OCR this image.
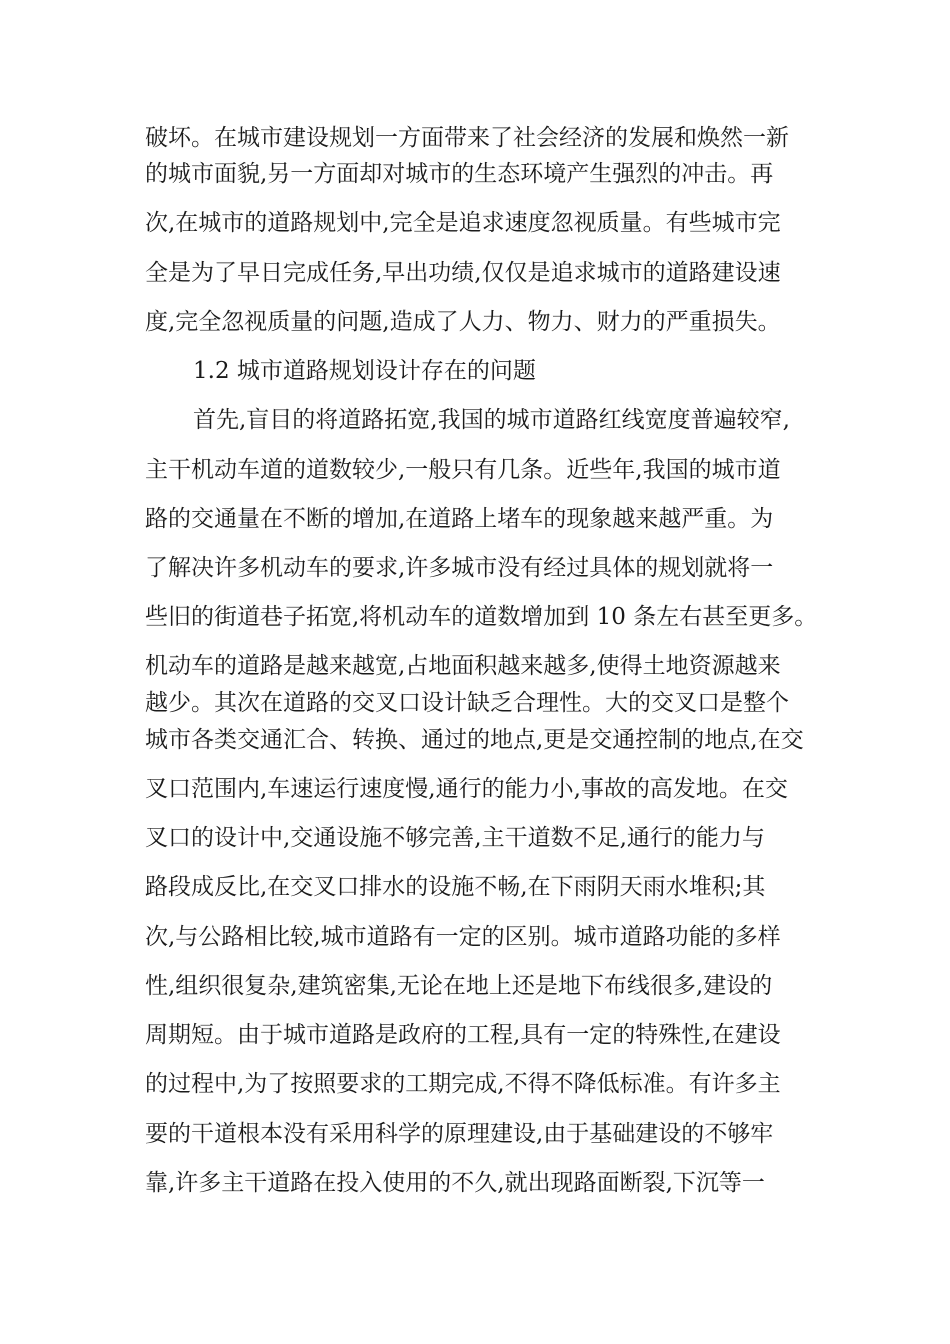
破坏。在城市建设规划一方面带来了社会经济的发展和焕然一新
的城市面貌,另一方面却对城市的生态环境产生强烈的冲击。再
次,在城市的道路规划中,完全是追求速度忽视质量。有些城市完
全是为了早日完成任务,早出功绩,仅仅是追求城市的道路建设速
度,完全忽视质量的问题,造成了人力、物力、财力的严重损失。
1.2 城市道路规划设计存在的问题
首先,盲目的将道路拓宽,我国的城市道路红线宽度普遍较窄,
主干机动车道的道数较少,一般只有几条。近些年,我国的城市道
路的交通量在不断的增加,在道路上堵车的现象越来越严重。为
了解决许多机动车的要求,许多城市没有经过具体的规划就将一
些旧的街道巷子拓宽,将机动车的道数增加到 10 条左右甚至更多。
机动车的道路是越来越宽,占地面积越来越多,使得土地资源越来
越少。其次在道路的交叉口设计缺乏合理性。大的交叉口是整个
城市各类交通汇合、转换、通过的地点,更是交通控制的地点,在交
叉口范围内,车速运行速度慢,通行的能力小,事故的高发地。在交
叉口的设计中,交通设施不够完善,主干道数不足,通行的能力与
路段成反比,在交叉口排水的设施不畅,在下雨阴天雨水堆积;其
次,与公路相比较,城市道路有一定的区别。城市道路功能的多样
性,组织很复杂,建筑密集,无论在地上还是地下布线很多,建设的
周期短。由于城市道路是政府的工程,具有一定的特殊性,在建设
的过程中,为了按照要求的工期完成,不得不降低标准。有许多主
要的干道根本没有采用科学的原理建设,由于基础建设的不够牢
靠,许多主干道路在投入使用的不久,就出现路面断裂,下沉等一
